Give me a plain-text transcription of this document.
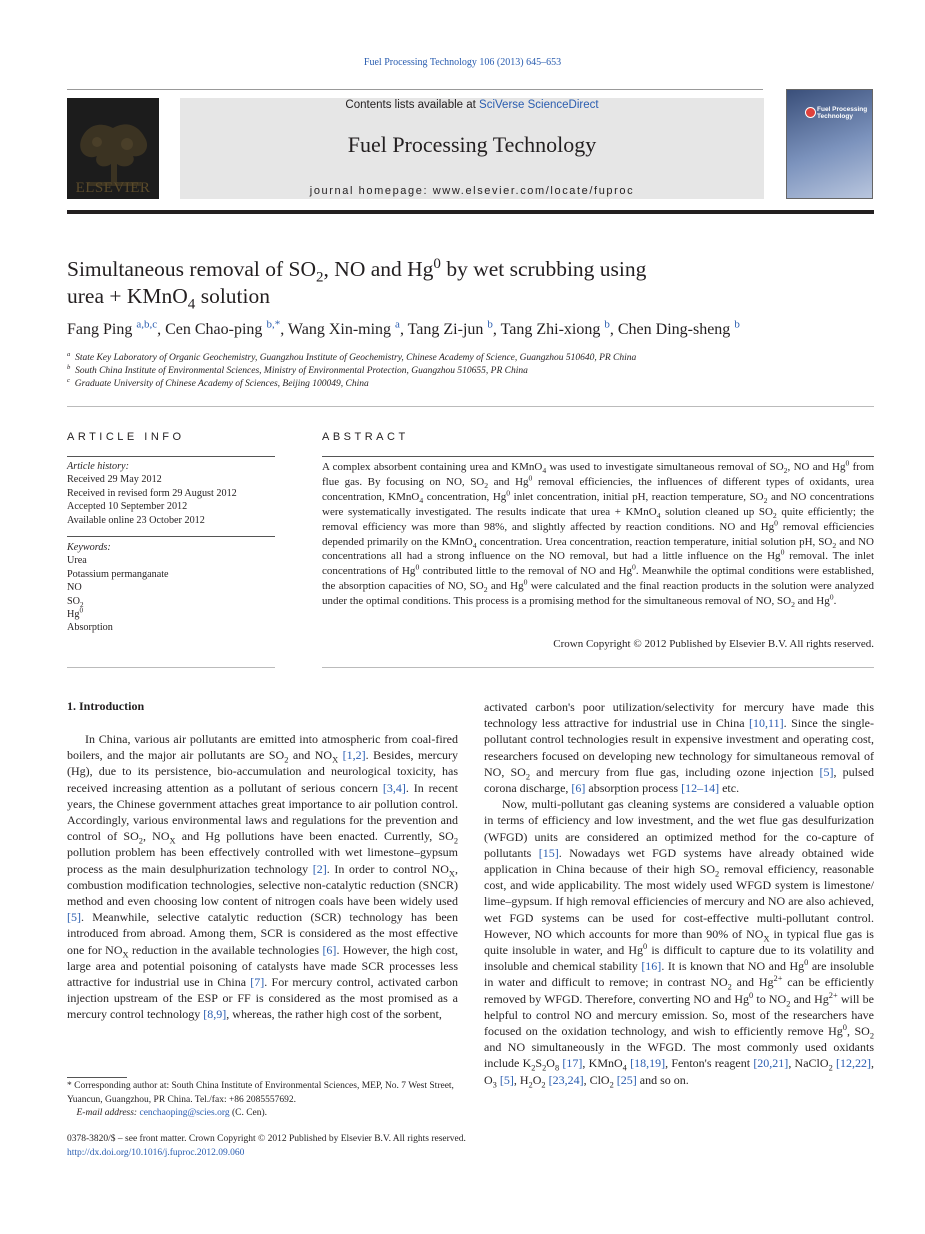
Fuel Processing Technology 106 (2013) 645–653
ELSEVIER
Contents lists available at SciVerse ScienceDirect
Fuel Processing Technology
journal homepage: www.elsevier.com/locate/fuproc
Fuel Processing Technology
Simultaneous removal of $SO_2$, NO and Hg$^0$ by wet scrubbing using
urea + KMnO$_4$ solution
Fang Ping $^{a,b,c}$, Cen Chao-ping $^{b,*}$, Wang Xin-ming $^a$, Tang Zi-jun $^b$, Tang Zhi-xiong $^b$, Chen Ding-sheng $^b$
$^a$ State Key Laboratory of Organic Geochemistry, Guangzhou Institute of Geochemistry, Chinese Academy of Science, Guangzhou 510640, PR China
$^b$ South China Institute of Environmental Sciences, Ministry of Environmental Protection, Guangzhou 510655, PR China
$^c$ Graduate University of Chinese Academy of Sciences, Beijing 100049, China
ARTICLE INFO
Article history:
Received 29 May 2012
Received in revised form 29 August 2012
Accepted 10 September 2012
Available online 23 October 2012
Keywords:
Urea
Potassium permanganate
NO
$SO_2$
Hg$^0$
Absorption
ABSTRACT
A complex absorbent containing urea and KMnO$_4$ was used to investigate simultaneous removal of $SO_2$, NO and Hg$^0$ from flue gas. By focusing on NO, $SO_2$ and Hg$^0$ removal efficiencies, the influences of different types of oxidants, urea concentration, KMnO$_4$ concentration, Hg$^0$ inlet concentration, initial pH, reaction temperature, $SO_2$ and NO concentrations were systematically investigated. The results indicate that urea + KMnO$_4$ solution cleaned up $SO_2$ quite efficiently; the removal efficiency was more than 98%, and slightly affected by reaction conditions. NO and Hg$^0$ removal efficiencies depended primarily on the KMnO$_4$ concentration. Urea concentration, reaction temperature, initial solution pH, $SO_2$ and NO concentrations all had a strong influence on the NO removal, but had a little influence on the Hg$^0$ removal. The inlet concentrations of Hg$^0$ contributed little to the removal of NO and Hg$^0$. Meanwhile the optimal conditions were established, the absorption capacities of NO, $SO_2$ and Hg$^0$ were calculated and the final reaction products in the solution were analyzed under the optimal conditions. This process is a promising method for the simultaneous removal of NO, $SO_2$ and Hg$^0$.
Crown Copyright © 2012 Published by Elsevier B.V. All rights reserved.
1. Introduction

In China, various air pollutants are emitted into atmospheric from coal-fired boilers, and the major air pollutants are $SO_2$ and $NO_X$ [1,2]. Besides, mercury (Hg), due to its persistence, bio-accumulation and neurological toxicity, has received increasing attention as a pollutant of serious concern [3,4]. In recent years, the Chinese government attaches great importance to air pollution control. Accordingly, various environmental laws and regulations for the prevention and control of $SO_2$, $NO_X$ and Hg pollutions have been enacted. Currently, $SO_2$ pollution problem has been effectively controlled with wet limestone–gypsum process as the main desulphurization technology [2]. In order to control $NO_X$, combustion modification technologies, selective non-catalytic reduction (SNCR) method and even choosing low content of nitrogen coals have been widely used [5]. Meanwhile, selective catalytic reduction (SCR) technology has been introduced from abroad. Among them, SCR is considered as the most effective one for $NO_X$ reduction in the available technologies [6]. However, the high cost, large area and potential poisoning of catalysts have made SCR processes less attractive for industrial use in China [7]. For mercury control, activated carbon injection upstream of the ESP or FF is considered as the most promised as a mercury control technology [8,9], whereas, the rather high cost of the sorbent,

* Corresponding author at: South China Institute of Environmental Sciences, MEP, No. 7 West Street, Yuancun, Guangzhou, PR China. Tel./fax: +86 2085557692.
E-mail address: cenchaoping@scies.org (C. Cen).

activated carbon's poor utilization/selectivity for mercury have made this technology less attractive for industrial use in China [10,11]. Since the single-pollutant control technologies result in expensive investment and operating cost, researchers focused on developing new technology for simultaneous removal of NO, $SO_2$ and mercury from flue gas, including ozone injection [5], pulsed corona discharge, [6] absorption process [12–14] etc.

Now, multi-pollutant gas cleaning systems are considered a valuable option in terms of efficiency and low investment, and the wet flue gas desulfurization (WFGD) units are considered an optimized method for the co-capture of pollutants [15]. Nowadays wet FGD systems have already obtained wide application in China because of their high $SO_2$ removal efficiency, reasonable cost, and wide applicability. The most widely used WFGD system is limestone/ lime–gypsum. If high removal efficiencies of mercury and NO are also achieved, wet FGD systems can be used for cost-effective multi-pollutant control. However, NO which accounts for more than 90% of $NO_X$ in typical flue gas is quite insoluble in water, and Hg$^0$ is difficult to capture due to its volatility and insoluble and chemical stability [16]. It is known that NO and Hg$^0$ are insoluble in water and difficult to remove; in contrast $NO_2$ and $Hg^{2+}$ can be efficiently removed by WFGD. Therefore, converting NO and Hg$^0$ to $NO_2$ and $Hg^{2+}$ will be helpful to control NO and mercury emission. So, most of the researchers have focused on the oxidation technology, and wish to efficiently remove Hg$^0$, $SO_2$ and NO simultaneously in the WFGD. The most commonly used oxidants include $K_2S_2O_8$ [17], KMnO$_4$ [18,19], Fenton's reagent [20,21], NaClO$_2$ [12,22], $O_3$ [5], $H_2O_2$ [23,24], ClO$_2$ [25] and so on.

0378-3820/$ – see front matter. Crown Copyright © 2012 Published by Elsevier B.V. All rights reserved.
http://dx.doi.org/10.1016/j.fuproc.2012.09.060
